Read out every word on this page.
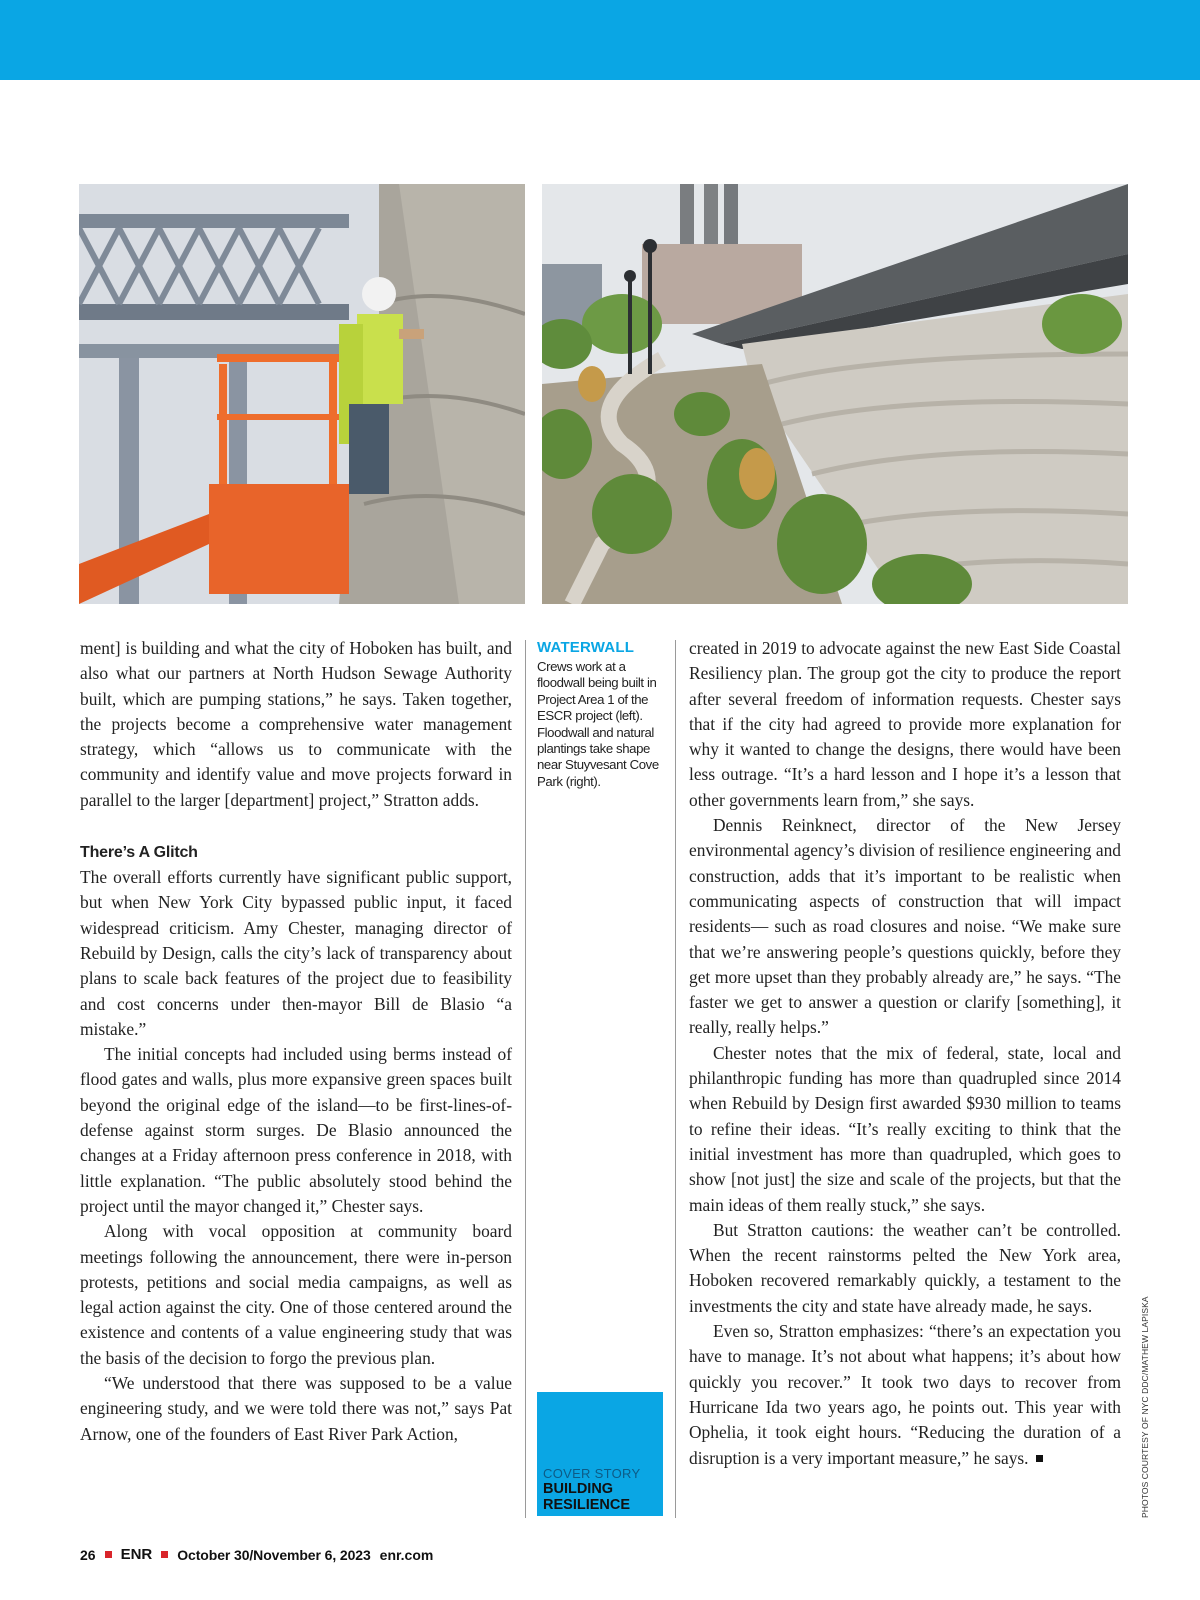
ment] is building and what the city of Hoboken has built, and also what our partners at North Hudson Sewage Authority built, which are pumping stations,” he says. Taken together, the projects become a comprehensive water management strategy, which “allows us to communicate with the community and identify value and move projects forward in parallel to the larger [department] project,” Stratton adds.

There’s A Glitch

The overall efforts currently have significant public support, but when New York City bypassed public input, it faced widespread criticism. Amy Chester, managing director of Rebuild by Design, calls the city’s lack of transparency about plans to scale back features of the project due to feasibility and cost concerns under then-mayor Bill de Blasio “a mistake.”

The initial concepts had included using berms instead of flood gates and walls, plus more expansive green spaces built beyond the original edge of the island—to be first-lines-of-defense against storm surges. De Blasio announced the changes at a Friday afternoon press conference in 2018, with little explanation. “The public absolutely stood behind the project until the mayor changed it,” Chester says.

Along with vocal opposition at community board meetings following the announcement, there were in-person protests, petitions and social media campaigns, as well as legal action against the city. One of those centered around the existence and contents of a value engineering study that was the basis of the decision to forgo the previous plan.

“We understood that there was supposed to be a value engineering study, and we were told there was not,” says Pat Arnow, one of the founders of East River Park Action,

WATERWALL
Crews work at a floodwall being built in Project Area 1 of the ESCR project (left). Floodwall and natural plantings take shape near Stuyvesant Cove Park (right).
COVER STORY
BUILDING
RESILIENCE

created in 2019 to advocate against the new East Side Coastal Resiliency plan. The group got the city to produce the report after several freedom of information requests. Chester says that if the city had agreed to provide more explanation for why it wanted to change the designs, there would have been less outrage. “It’s a hard lesson and I hope it’s a lesson that other governments learn from,” she says.

Dennis Reinknect, director of the New Jersey environmental agency’s division of resilience engineering and construction, adds that it’s important to be realistic when communicating aspects of construction that will impact residents— such as road closures and noise. “We make sure that we’re answering people’s questions quickly, before they get more upset than they probably already are,” he says. “The faster we get to answer a question or clarify [something], it really, really helps.”

Chester notes that the mix of federal, state, local and philanthropic funding has more than quadrupled since 2014 when Rebuild by Design first awarded $930 million to teams to refine their ideas. “It’s really exciting to think that the initial investment has more than quadrupled, which goes to show [not just] the size and scale of the projects, but that the main ideas of them really stuck,” she says.

But Stratton cautions: the weather can’t be controlled. When the recent rainstorms pelted the New York area, Hoboken recovered remarkably quickly, a testament to the investments the city and state have already made, he says.

Even so, Stratton emphasizes: “there’s an expectation you have to manage. It’s not about what happens; it’s about how quickly you recover.” It took two days to recover from Hurricane Ida two years ago, he points out. This year with Ophelia, it took eight hours. “Reducing the duration of a disruption is a very important measure,” he says.	PHOTOS COURTESY OF NYC DDC/MATHEW LAPISKA
26 ENR October 30/November 6, 2023 enr.com
